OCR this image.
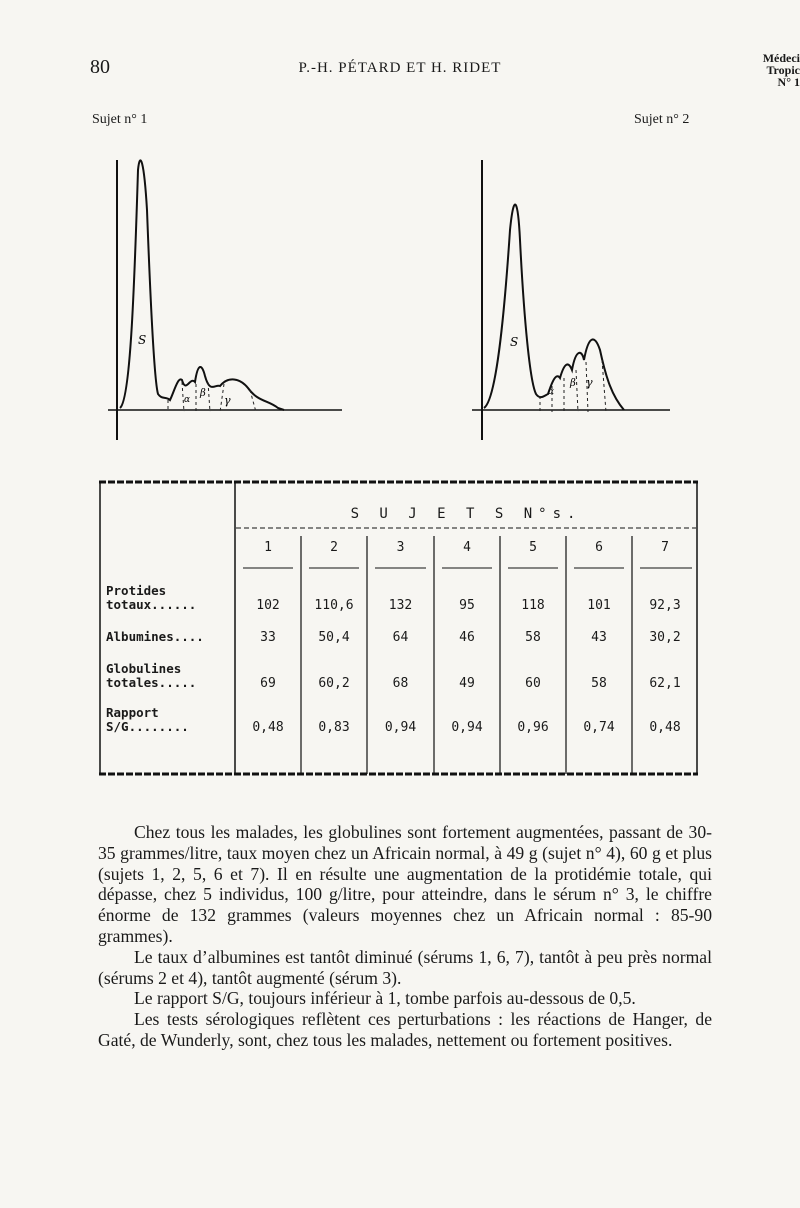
80	P.-H. PÉTARD ET H. RIDET
Médeci
Tropic
N° 1
Sujet n° 1	Sujet n° 2
S
α
β
γ
S
α
β γ
S U J E T S N°s.
1	2	3	4	5	6	7
Protides
totaux......	102	110,6	132	95	118	101	92,3
Albumines....	33	50,4	64	46	58	43	30,2
Globulines
totales.....	69	60,2	68	49	60	58	62,1
Rapport
S/G........	0,48	0,83	0,94	0,94	0,96	0,74	0,48

Chez tous les malades, les globulines sont fortement augmentées, passant de 30-35 grammes/litre, taux moyen chez un Africain normal, à 49 g (sujet n° 4), 60 g et plus (sujets 1, 2, 5, 6 et 7). Il en résulte une augmentation de la protidémie totale, qui dépasse, chez 5 individus, 100 g/litre, pour atteindre, dans le sérum n° 3, le chiffre énorme de 132 grammes (valeurs moyennes chez un Africain normal : 85-90 grammes).

Le taux d’albumines est tantôt diminué (sérums 1, 6, 7), tantôt à peu près normal (sérums 2 et 4), tantôt augmenté (sérum 3).

Le rapport S/G, toujours inférieur à 1, tombe parfois au-dessous de 0,5.

Les tests sérologiques reflètent ces perturbations : les réactions de Hanger, de Gaté, de Wunderly, sont, chez tous les malades, nettement ou fortement positives.
